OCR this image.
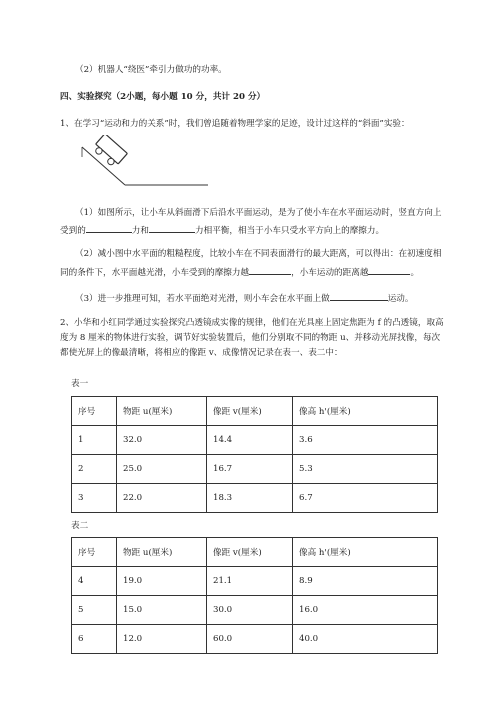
（2）机器人“绕医”牵引力做功的功率。
四、实验探究（2小题，每小题 10 分，共计 20 分）
1、在学习“运动和力的关系”时，我们曾追随着物理学家的足迹，设计过这样的“斜面”实验：
（1）如图所示，让小车从斜面滑下后沿水平面运动，是为了使小车在水平面运动时，竖直方向上
受到的	力和	力相平衡，相当于小车只受水平方向上的摩擦力。
（2）减小图中水平面的粗糙程度，比较小车在不同表面滑行的最大距离，可以得出：在初速度相
同的条件下，水平面越光滑，小车受到的摩擦力越	，小车运动的距离越	。
（3）进一步推理可知，若水平面绝对光滑，则小车会在水平面上做	运动。
2、小华和小红同学通过实验探究凸透镜成实像的规律，他们在光具座上固定焦距为 f 的凸透镜，取高
度为 8 厘米的物体进行实验，调节好实验装置后，他们分别取不同的物距 u、并移动光屏找像，每次
都使光屏上的像最清晰，将相应的像距 v、成像情况记录在表一、表二中：
表一
序号	物距 u(厘米)	像距 v(厘米)	像高 h'(厘米)
1	32.0	14.4	3.6
2	25.0	16.7	5.3
3	22.0	18.3	6.7
表二
序号	物距 u(厘米)	像距 v(厘米)	像高 h'(厘米)
4	19.0	21.1	8.9
5	15.0	30.0	16.0
6	12.0	60.0	40.0
